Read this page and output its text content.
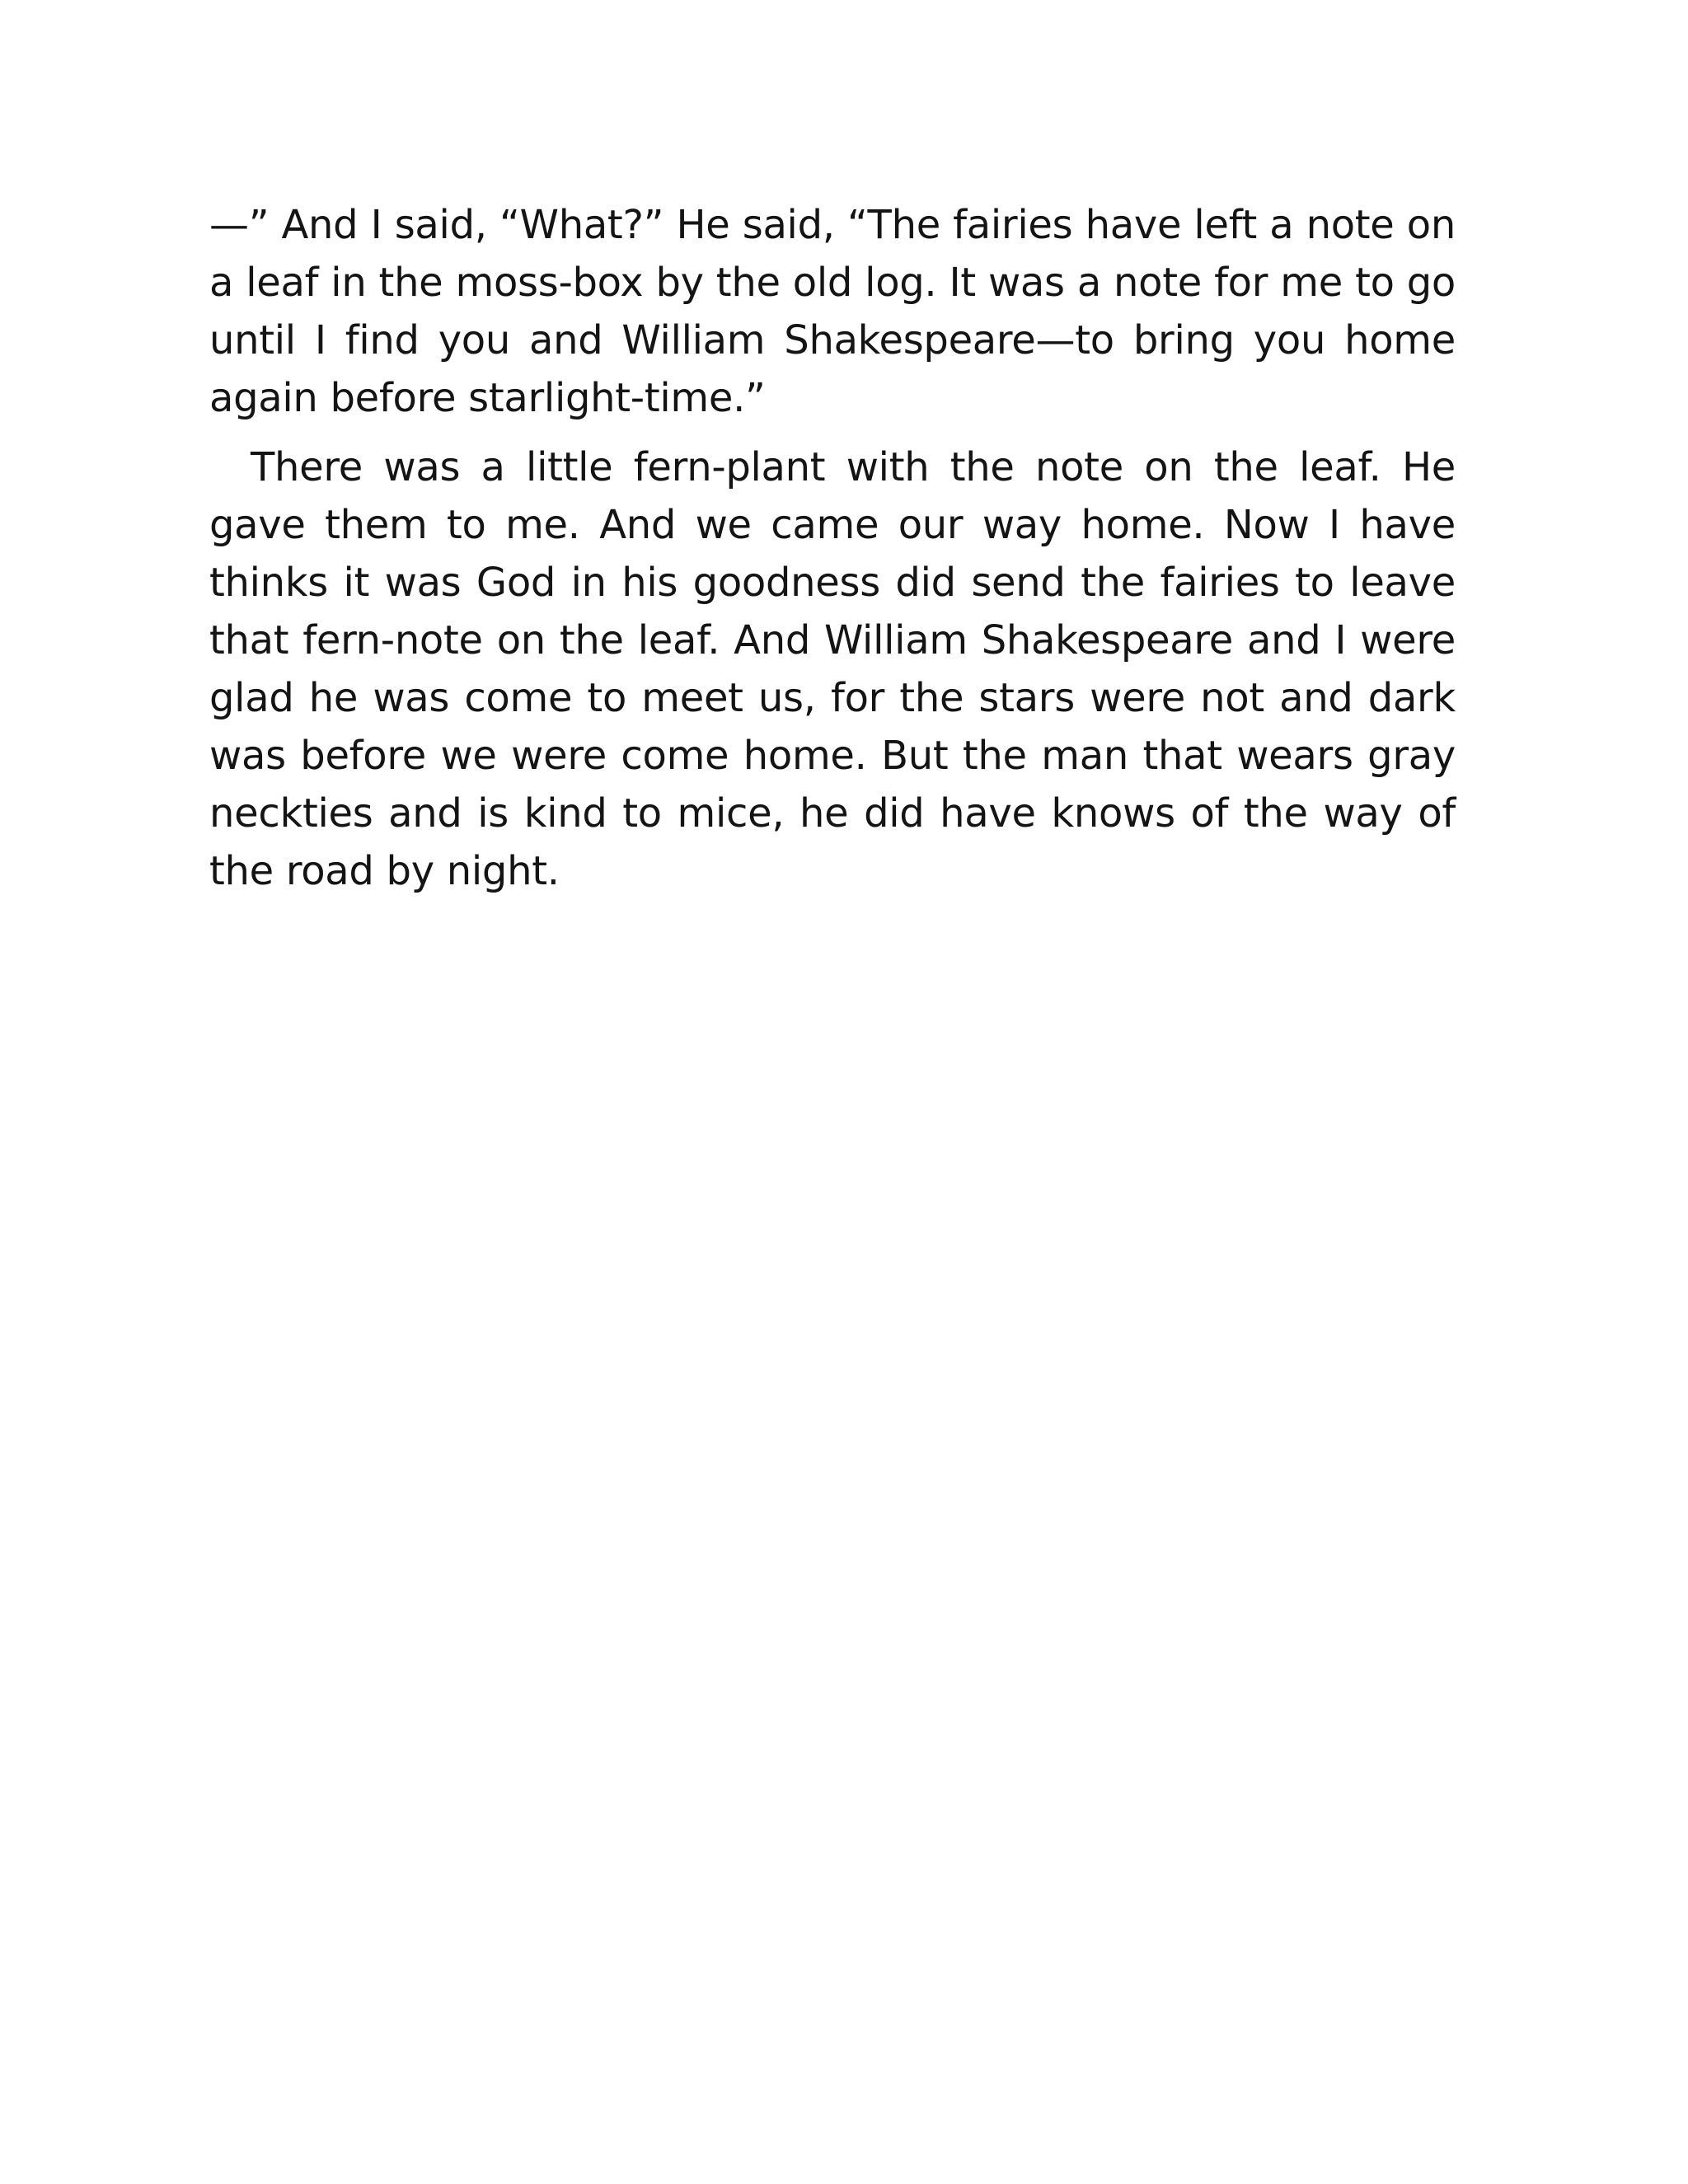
—” And I said, “What?” He said, “The fairies have left a note on a leaf in the moss-box by the old log. It was a note for me to go until I find you and William Shakespeare—to bring you home again before starlight-time.”

There was a little fern-plant with the note on the leaf. He gave them to me. And we came our way home. Now I have thinks it was God in his goodness did send the fairies to leave that fern-note on the leaf. And William Shakespeare and I were glad he was come to meet us, for the stars were not and dark was before we were come home. But the man that wears gray neckties and is kind to mice, he did have knows of the way of the road by night.
